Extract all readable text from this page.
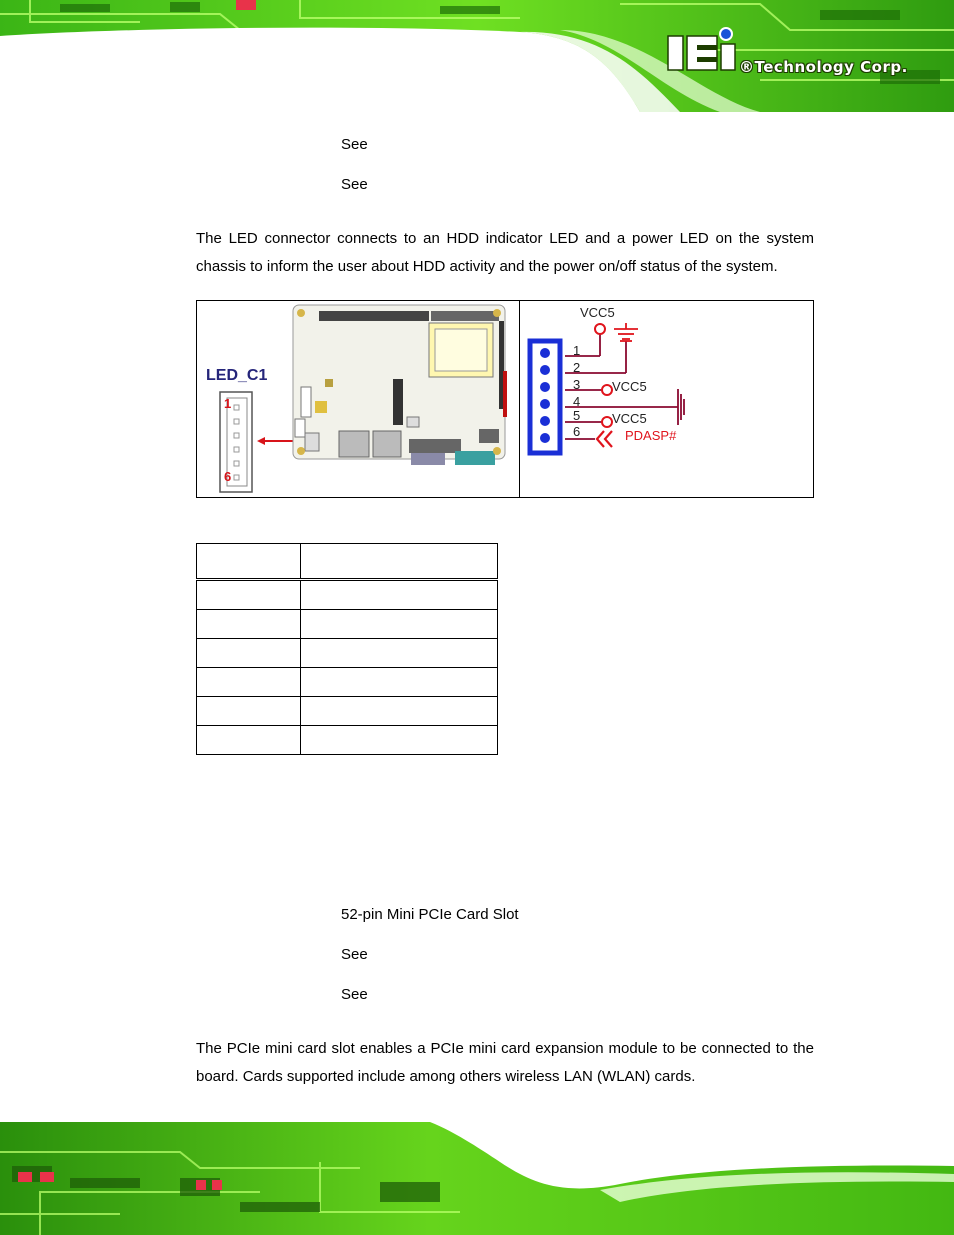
®Technology Corp.
See
See
The LED connector connects to an HDD indicator LED and a power LED on the system chassis to inform the user about HDD activity and the power on/off status of the system.
LED_C1
1
6
VCC5
1
2
3
4
5
6
VCC5
VCC5
PDASP#

52-pin Mini PCIe Card Slot
See
See
The PCIe mini card slot enables a PCIe mini card expansion module to be connected to the board. Cards supported include among others wireless LAN (WLAN) cards.
